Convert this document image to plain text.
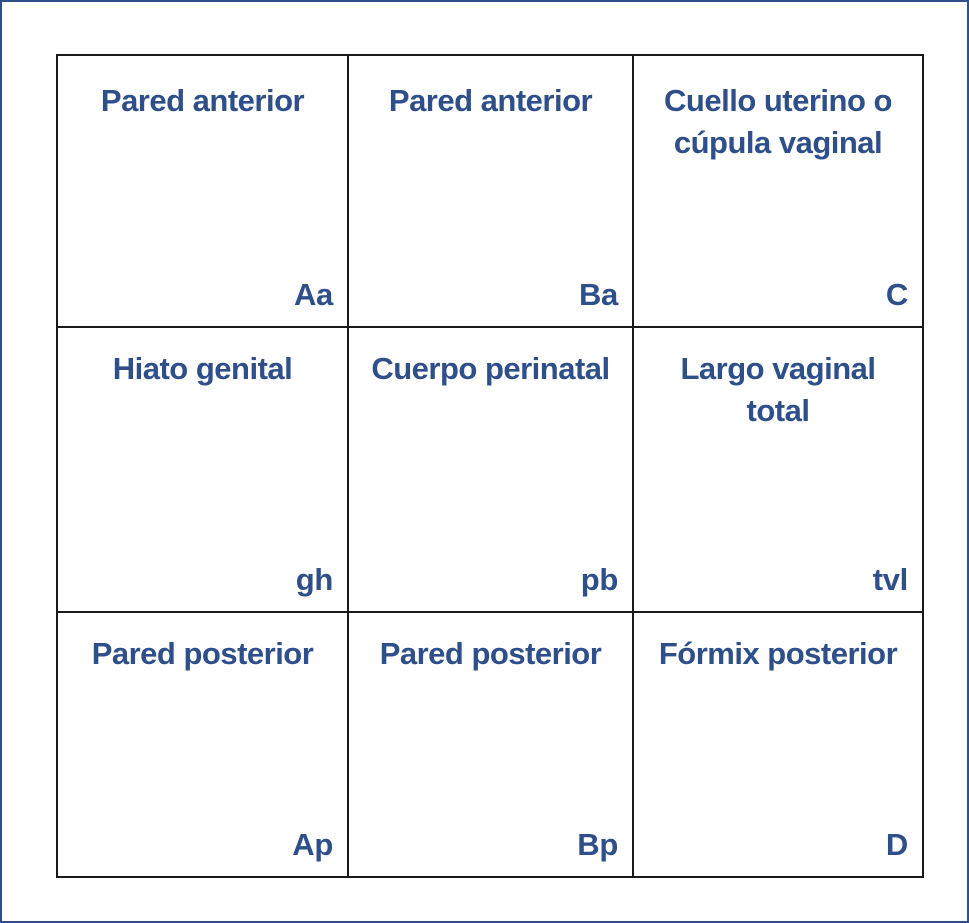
Pared anterior
Aa
Pared anterior
Ba
Cuello uterino o
cúpula vaginal
C
Hiato genital
gh
Cuerpo perinatal
pb
Largo vaginal
total
tvl
Pared posterior
Ap
Pared posterior
Bp
Fórmix posterior
D
